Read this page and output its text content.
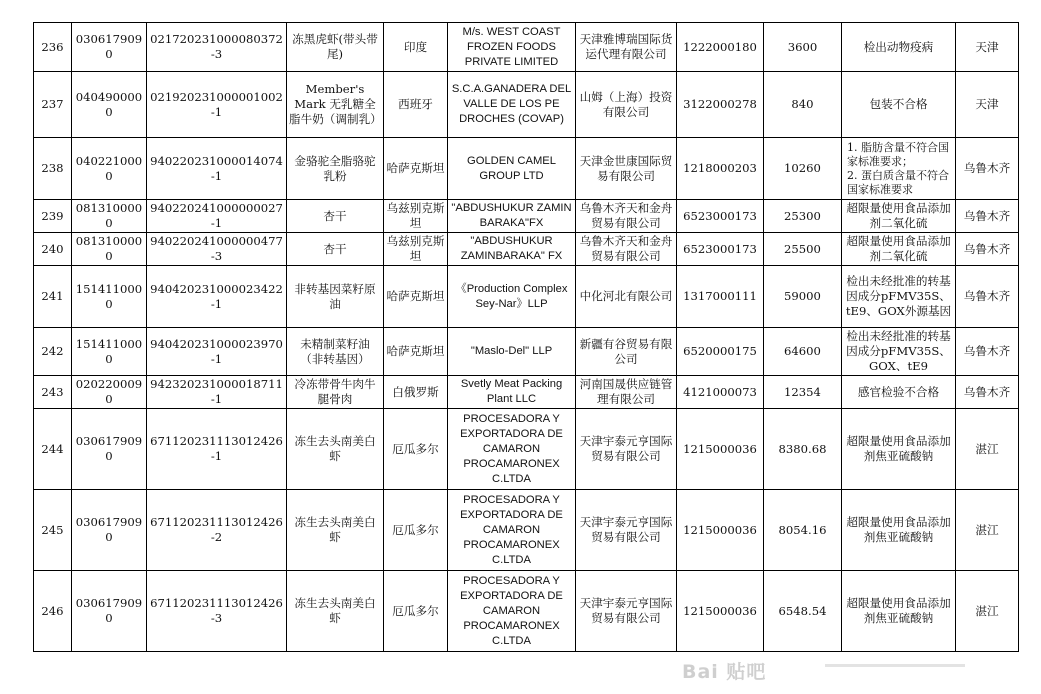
236	0306179090	021720231000080372-3	冻黑虎虾(带头带尾)	印度	M/s. WEST COAST FROZEN FOODS PRIVATE LIMITED	天津雅博瑞国际货运代理有限公司	1222000180	3600	检出动物疫病	天津
237	0404900000	021920231000001002-1	Member's Mark 无乳糖全脂牛奶（调制乳）	西班牙	S.C.A.GANADERA DEL VALLE DE LOS PE DROCHES (COVAP)	山姆（上海）投资有限公司	3122000278	840	包装不合格	天津
238	0402210000	940220231000014074-1	金骆驼全脂骆驼乳粉	哈萨克斯坦	GOLDEN CAMEL GROUP LTD	天津金世康国际贸易有限公司	1218000203	10260	1. 脂肪含量不符合国家标准要求；
2. 蛋白质含量不符合国家标准要求	乌鲁木齐
239	0813100000	940220241000000027-1	杏干	乌兹别克斯坦	"ABDUSHUKUR ZAMIN BARAKA"FX	乌鲁木齐天和金舟贸易有限公司	6523000173	25300	超限量使用食品添加剂二氧化硫	乌鲁木齐
240	0813100000	940220241000000477-3	杏干	乌兹别克斯坦	"ABDUSHUKUR ZAMINBARAKA" FX	乌鲁木齐天和金舟贸易有限公司	6523000173	25500	超限量使用食品添加剂二氧化硫	乌鲁木齐
241	1514110000	940420231000023422-1	非转基因菜籽原油	哈萨克斯坦	《Production Complex Sey-Nar》LLP	中化河北有限公司	1317000111	59000	检出未经批准的转基因成分pFMV35S、tE9、GOX外源基因	乌鲁木齐
242	1514110000	940420231000023970-1	未精制菜籽油（非转基因）	哈萨克斯坦	"Maslo-Del" LLP	新疆有谷贸易有限公司	6520000175	64600	检出未经批准的转基因成分pFMV35S、GOX、tE9	乌鲁木齐
243	0202200090	942320231000018711-1	冷冻带骨牛肉牛腿骨肉	白俄罗斯	Svetly Meat Packing Plant LLC	河南国晟供应链管理有限公司	4121000073	12354	感官检验不合格	乌鲁木齐
244	0306179090	671120231113012426-1	冻生去头南美白虾	厄瓜多尔	PROCESADORA Y EXPORTADORA DE CAMARON PROCAMARONEX C.LTDA	天津宇泰元亨国际贸易有限公司	1215000036	8380.68	超限量使用食品添加剂焦亚硫酸钠	湛江
245	0306179090	671120231113012426-2	冻生去头南美白虾	厄瓜多尔	PROCESADORA Y EXPORTADORA DE CAMARON PROCAMARONEX C.LTDA	天津宇泰元亨国际贸易有限公司	1215000036	8054.16	超限量使用食品添加剂焦亚硫酸钠	湛江
246	0306179090	671120231113012426-3	冻生去头南美白虾	厄瓜多尔	PROCESADORA Y EXPORTADORA DE CAMARON PROCAMARONEX C.LTDA	天津宇泰元亨国际贸易有限公司	1215000036	6548.54	超限量使用食品添加剂焦亚硫酸钠	湛江
Bai 贴吧
